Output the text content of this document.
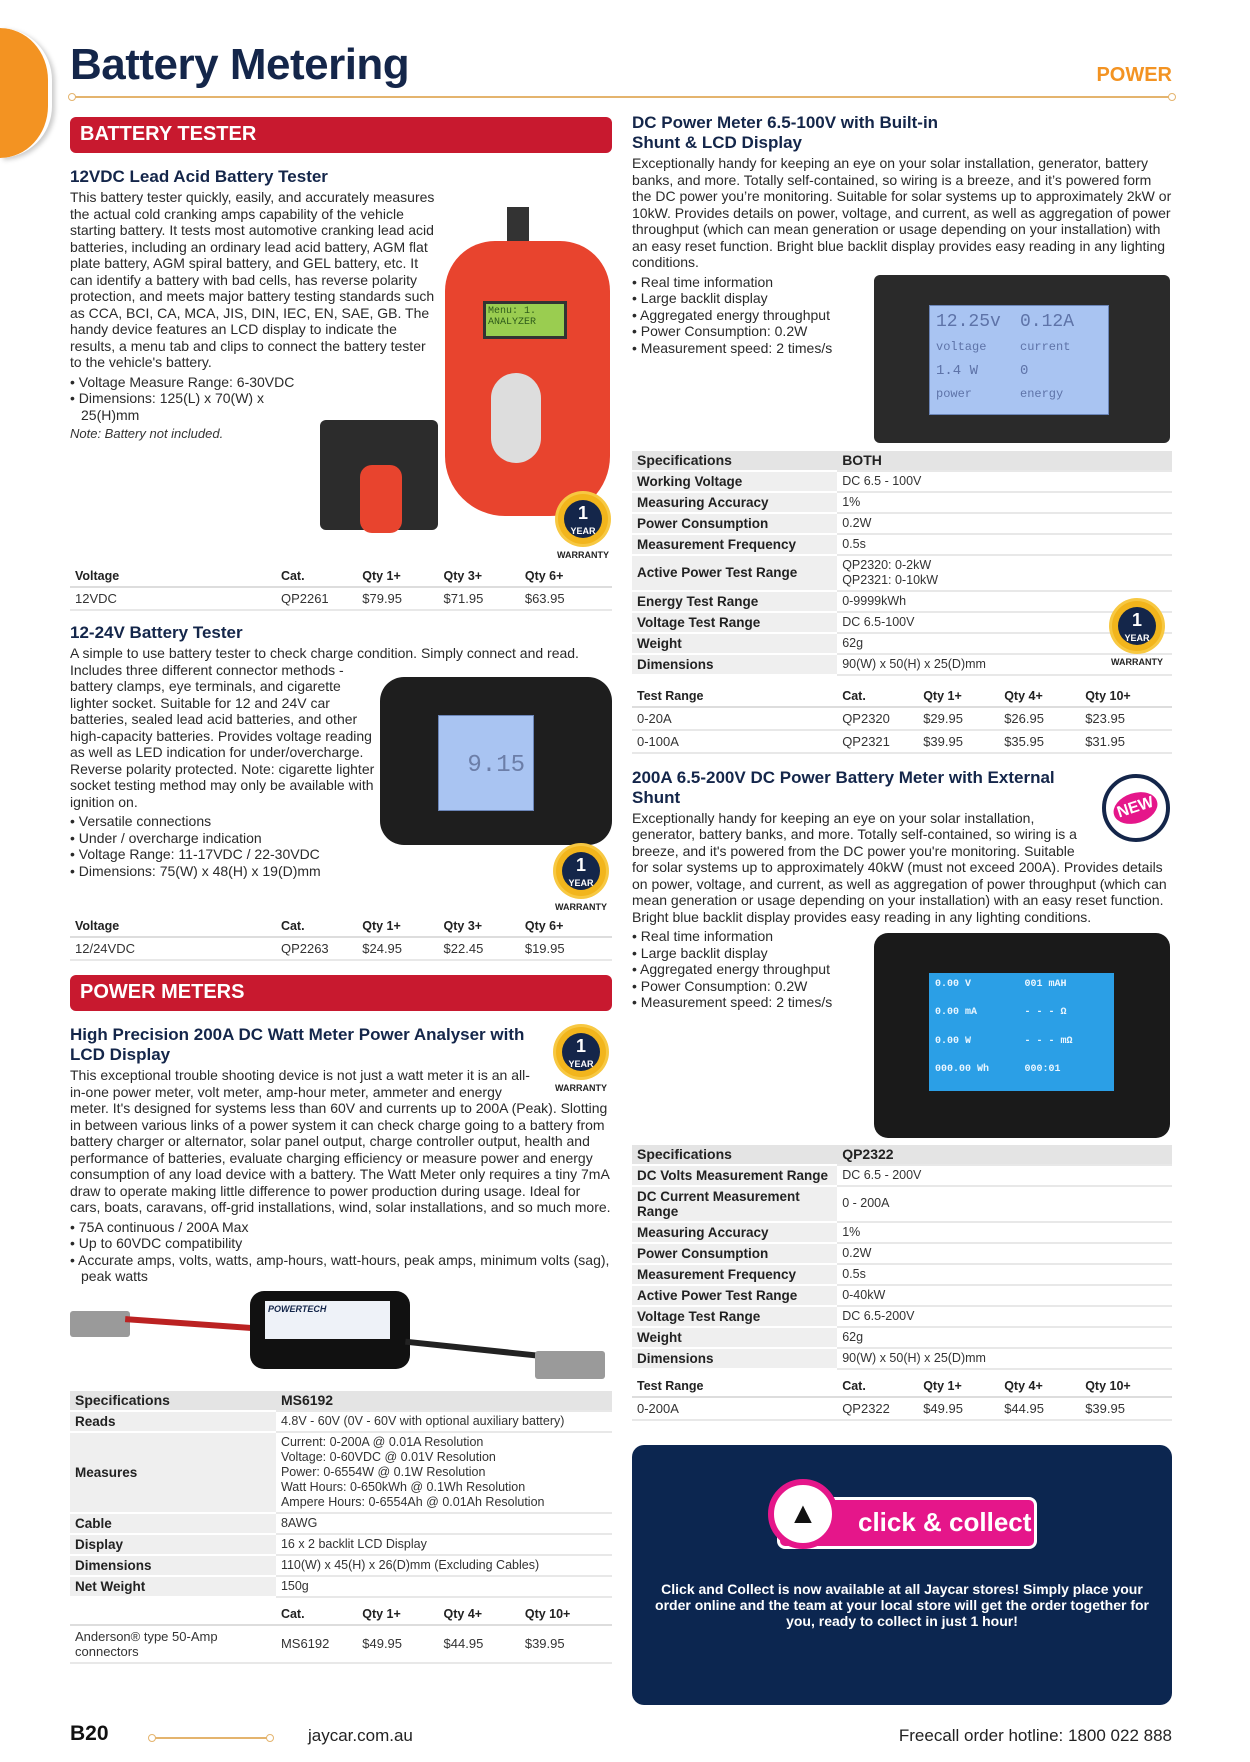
Battery Metering	POWER
BATTERY TESTER
Menu: 1.
ANALYZER
1
YEAR
WARRANTY
12VDC Lead Acid Battery Tester

This battery tester quickly, easily, and accurately measures the actual cold cranking amps capability of the vehicle starting battery. It tests most automotive cranking lead acid batteries, including an ordinary lead acid battery, AGM flat plate battery, AGM spiral battery, and GEL battery, etc. It can identify a battery with bad cells, has reverse polarity protection, and meets major battery testing standards such as CCA, BCI, CA, MCA, JIS, DIN, IEC, EN, SAE, GB. The handy device features an LCD display to indicate the results, a menu tab and clips to connect the battery tester to the vehicle's battery.

• Voltage Measure Range: 6-30VDC
• Dimensions: 125(L) x 70(W) x 25(H)mm
Note: Battery not included.
Voltage	Cat.	Qty 1+	Qty 3+	Qty 6+
12VDC	QP2261	$79.95	$71.95	$63.95
9.15
1
YEAR
WARRANTY
12-24V Battery Tester

A simple to use battery tester to check charge condition. Simply connect and read. Includes three different connector methods - battery clamps, eye terminals, and cigarette lighter socket. Suitable for 12 and 24V car batteries, sealed lead acid batteries, and other high-capacity batteries. Provides voltage reading as well as LED indication for under/overcharge. Reverse polarity protected. Note: cigarette lighter socket testing method may only be available with ignition on.

• Versatile connections
• Under / overcharge indication
• Voltage Range: 11-17VDC / 22-30VDC
• Dimensions: 75(W) x 48(H) x 19(D)mm
Voltage	Cat.	Qty 1+	Qty 3+	Qty 6+
12/24VDC	QP2263	$24.95	$22.45	$19.95
POWER METERS
1
YEAR
WARRANTY
High Precision 200A DC Watt Meter Power Analyser with LCD Display

This exceptional trouble shooting device is not just a watt meter it is an all-in-one power meter, volt meter, amp-hour meter, ammeter and energy meter. It's designed for systems less than 60V and currents up to 200A (Peak). Slotting in between various links of a power system it can check charge going to a battery from battery charger or alternator, solar panel output, charge controller output, health and performance of batteries, evaluate charging efficiency or measure power and energy consumption of any load device with a battery. The Watt Meter only requires a tiny 7mA draw to operate making little difference to power production during usage. Ideal for cars, boats, caravans, off-grid installations, wind, solar installations, and so much more.

• 75A continuous / 200A Max
• Up to 60VDC compatibility
• Accurate amps, volts, watts, amp-hours, watt-hours, peak amps, minimum volts (sag), peak watts
POWERTECH
Specifications	MS6192
Reads	4.8V - 60V (0V - 60V with optional auxiliary battery)
Measures	Current: 0-200A @ 0.01A Resolution
Voltage: 0-60VDC @ 0.01V Resolution
Power: 0-6554W @ 0.1W Resolution
Watt Hours: 0-650kWh @ 0.1Wh Resolution
Ampere Hours: 0-6554Ah @ 0.01Ah Resolution
Cable	8AWG
Display	16 x 2 backlit LCD Display
Dimensions	110(W) x 45(H) x 26(D)mm (Excluding Cables)
Net Weight	150g
	Cat.	Qty 1+	Qty 4+	Qty 10+
Anderson® type 50-Amp connectors	MS6192	$49.95	$44.95	$39.95
DC Power Meter 6.5-100V with Built-in Shunt & LCD Display

Exceptionally handy for keeping an eye on your solar installation, generator, battery banks, and more. Totally self-contained, so wiring is a breeze, and it’s powered form the DC power you’re monitoring. Suitable for solar systems up to approximately 2kW or 10kW. Provides details on power, voltage, and current, as well as aggregation of power throughput (which can mean generation or usage depending on your installation) with an easy reset function. Bright blue backlit display provides easy reading in any lighting conditions.

12.25v	0.12A
voltage	current
1.4 W	0
power	energy
• Real time information
• Large backlit display
• Aggregated energy throughput
• Power Consumption: 0.2W
• Measurement speed: 2 times/s
Specifications	BOTH
Working Voltage	DC 6.5 - 100V
Measuring Accuracy	1%
Power Consumption	0.2W
Measurement Frequency	0.5s
Active Power Test Range	QP2320: 0-2kW
QP2321: 0-10kW
Energy Test Range	0-9999kWh
Voltage Test Range	DC 6.5-100V
Weight	62g
Dimensions	90(W) x 50(H) x 25(D)mm
1
YEAR
WARRANTY
Test Range	Cat.	Qty 1+	Qty 4+	Qty 10+
0-20A	QP2320	$29.95	$26.95	$23.95
0-100A	QP2321	$39.95	$35.95	$31.95
NEW
0.00 V	001 mAH
0.00 mA	- - - Ω
0.00 W	- - - mΩ
000.00 Wh	000:01
200A 6.5-200V DC Power Battery Meter with External Shunt

Exceptionally handy for keeping an eye on your solar installation, generator, battery banks, and more. Totally self-contained, so wiring is a breeze, and it's powered from the DC power you're monitoring. Suitable for solar systems up to approximately 40kW (must not exceed 200A). Provides details on power, voltage, and current, as well as aggregation of power throughput (which can mean generation or usage depending on your installation) with an easy reset function. Bright blue backlit display provides easy reading in any lighting conditions.

• Real time information
• Large backlit display
• Aggregated energy throughput
• Power Consumption: 0.2W
• Measurement speed: 2 times/s
Specifications	QP2322
DC Volts Measurement Range	DC 6.5 - 200V
DC Current Measurement Range	0 - 200A
Measuring Accuracy	1%
Power Consumption	0.2W
Measurement Frequency	0.5s
Active Power Test Range	0-40kW
Voltage Test Range	DC 6.5-200V
Weight	62g
Dimensions	90(W) x 50(H) x 25(D)mm
Test Range	Cat.	Qty 1+	Qty 4+	Qty 10+
0-200A	QP2322	$49.95	$44.95	$39.95
click & collect
▲

Click and Collect is now available at all Jaycar stores! Simply place your order online and the team at your local store will get the order together for you, ready to collect in just 1 hour!

B20	jaycar.com.au	Freecall order hotline: 1800 022 888
